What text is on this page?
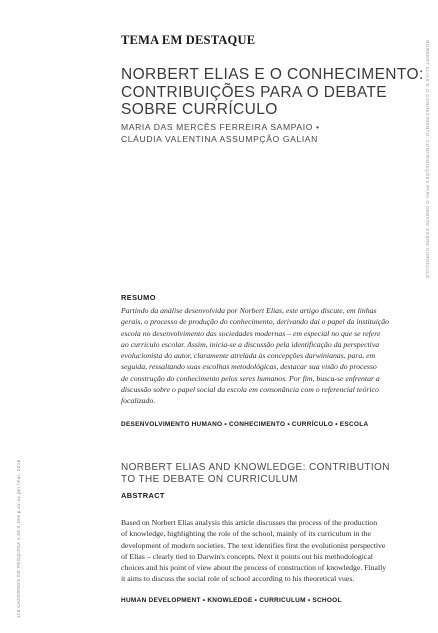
118 CADERNOS DE PESQUISA v.46 n.159 p.xx-xx jan./mar. 2016
NORBERT ELIAS E O CONHECIMENTO: CONTRIBUIÇÕES PARA O DEBATE SOBRE CURRÍCULO
TEMA EM DESTAQUE
NORBERT ELIAS E O CONHECIMENTO:
CONTRIBUIÇÕES PARA O DEBATE
SOBRE CURRÍCULO
MARIA DAS MERCÊS FERREIRA SAMPAIO •
CLÁUDIA VALENTINA ASSUMPÇÃO GALIAN
RESUMO
Partindo da análise desenvolvida por Norbert Elias, este artigo discute, em linhas
gerais, o processo de produção do conhecimento, derivando daí o papel da instituição
escola no desenvolvimento das sociedades modernas – em especial no que se refere
ao currículo escolar. Assim, inicia-se a discussão pela identificação da perspectiva
evolucionista do autor, claramente atrelada às concepções darwinianas, para, em
seguida, ressaltando suas escolhas metodológicas, destacar sua visão do processo
de construção do conhecimento pelos seres humanos. Por fim, busca-se enfrentar a
discussão sobre o papel social da escola em consonância com o referencial teórico
focalizado.
DESENVOLVIMENTO HUMANO • CONHECIMENTO • CURRÍCULO • ESCOLA
NORBERT ELIAS AND KNOWLEDGE: CONTRIBUTION
TO THE DEBATE ON CURRICULUM
ABSTRACT
Based on Norbert Elias analysis this article discusses the process of the production
of knowledge, highlighting the role of the school, mainly of its curriculum in the
development of modern societies. The text identifies first the evolutionist perspective
of Elias – clearly tied to Darwin's concepts. Next it points out his methodological
choices and his point of view about the process of construction of knowledge. Finally
it aims to discuss the social role of school according to his theoretical vues.
HUMAN DEVELOPMENT • KNOWLEDGE • CURRICULUM • SCHOOL
